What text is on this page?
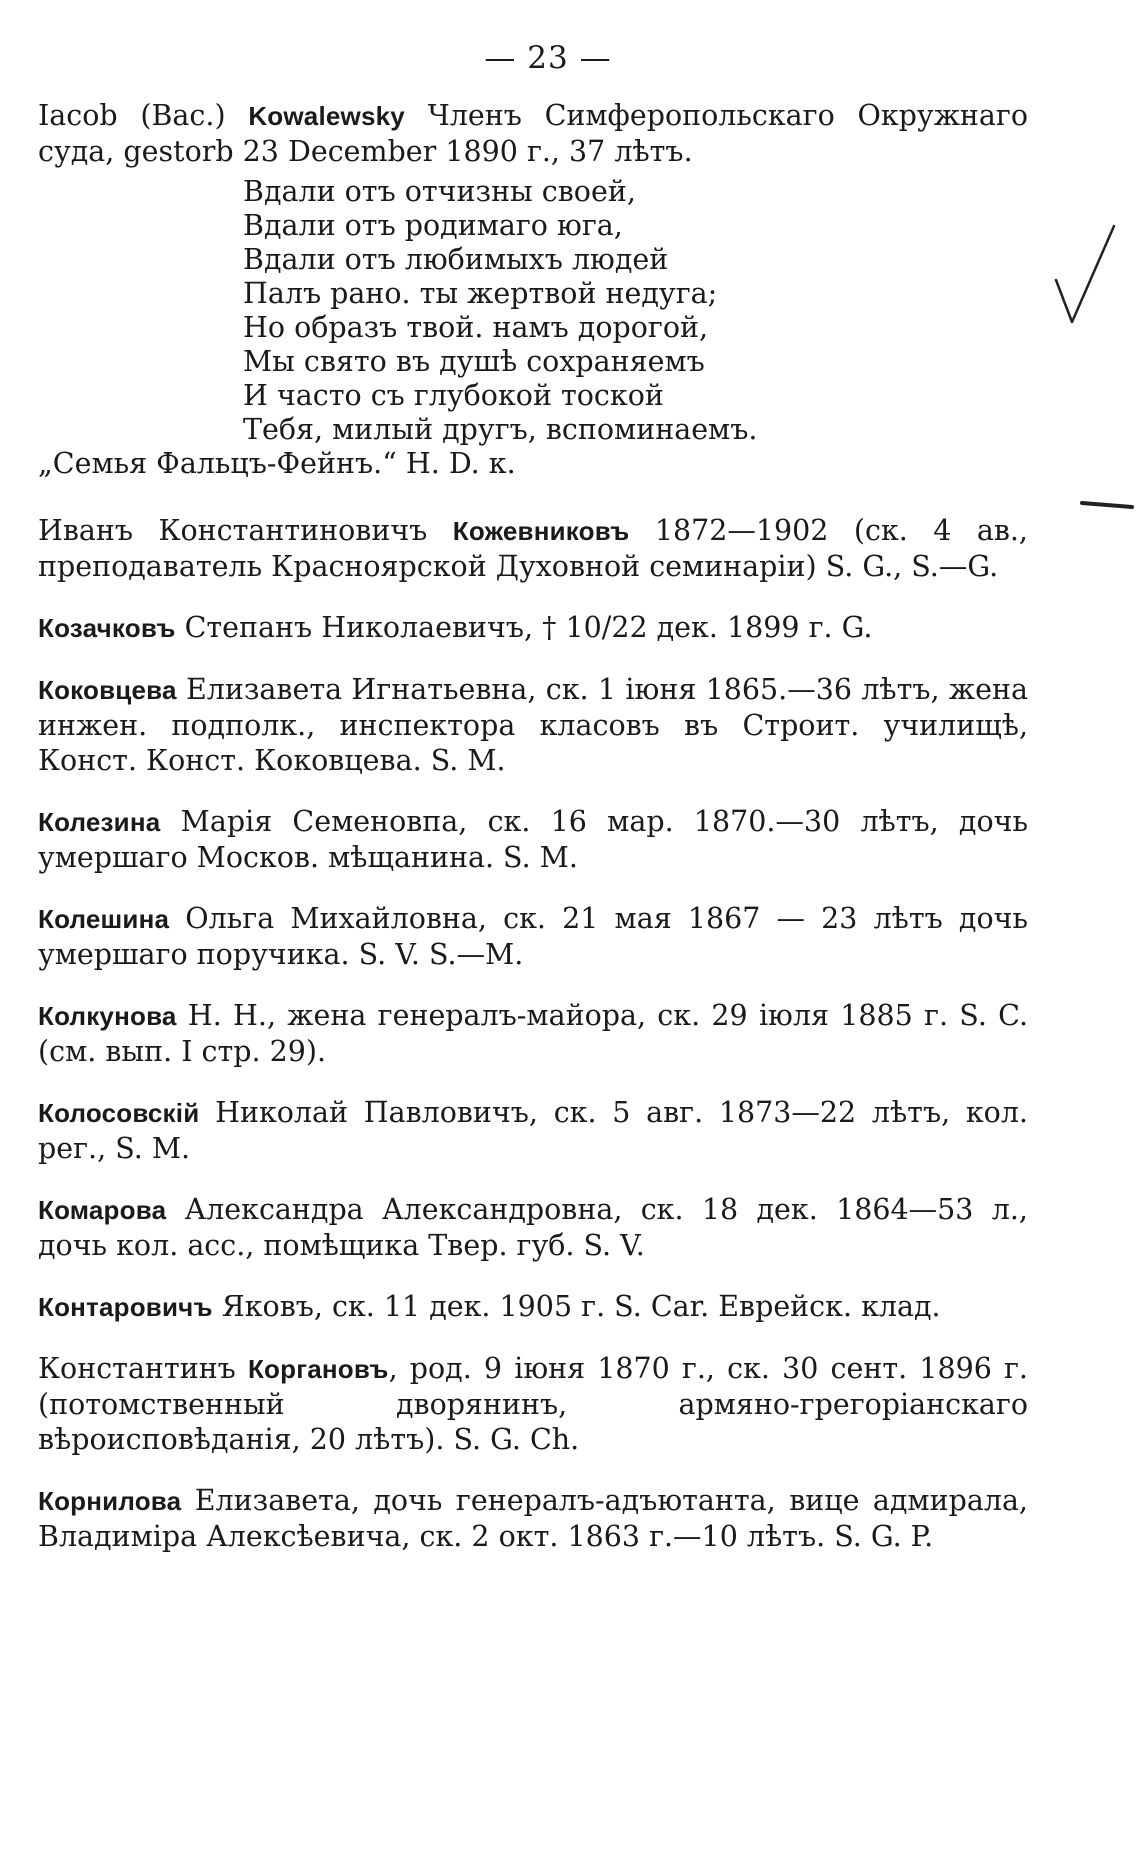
— 23 —
Iacob (Bac.) Kowalewsky Членъ Симферопольскаго Окружнаго суда, gestorb 23 December 1890 г., 37 лѣтъ.
Вдали отъ отчизны своей,
Вдали отъ родимаго юга,
Вдали отъ любимыхъ людей
Палъ рано. ты жертвой недуга;
Но образъ твой. намъ дорогой,
Мы свято въ душѣ сохраняемъ
И часто съ глубокой тоской
Тебя, милый другъ, вспоминаемъ.
„Семья Фальцъ-Фейнъ.“ Н. D. к.
Иванъ Константиновичъ Кожевниковъ 1872—1902 (ск. 4 ав., преподаватель Красноярской Духовной семинаріи) S. G., S.—G.
Козачковъ Степанъ Николаевичъ, † 10/22 дек. 1899 г. G.
Коковцева Елизавета Игнатьевна, ск. 1 іюня 1865.—36 лѣтъ, жена инжен. подполк., инспектора класовъ въ Строит. училищѣ, Конст. Конст. Коковцева. S. M.
Колезина Марія Семеновпа, ск. 16 мар. 1870.—30 лѣтъ, дочь умершаго Москов. мѣщанина. S. M.
Колешина Ольга Михайловна, ск. 21 мая 1867 — 23 лѣтъ дочь умершаго поручика. S. V. S.—M.
Колкунова Н. Н., жена генералъ-майора, ск. 29 іюля 1885 г. S. C. (см. вып. I стр. 29).
Колосовскій Николай Павловичъ, ск. 5 авг. 1873—22 лѣтъ, кол. рег., S. M.
Комарова Александра Александровна, ск. 18 дек. 1864—53 л., дочь кол. асс., помѣщика Твер. губ. S. V.
Контаровичъ Яковъ, ск. 11 дек. 1905 г. S. Car. Еврейск. клад.
Константинъ Коргановъ, род. 9 іюня 1870 г., ск. 30 сент. 1896 г. (потомственный дворянинъ, армяно-грегоріанскаго вѣроисповѣданія, 20 лѣтъ). S. G. Ch.
Корнилова Елизавета, дочь генералъ-адъютанта, вице адмирала, Владиміра Алексѣевича, ск. 2 окт. 1863 г.—10 лѣтъ. S. G. P.
